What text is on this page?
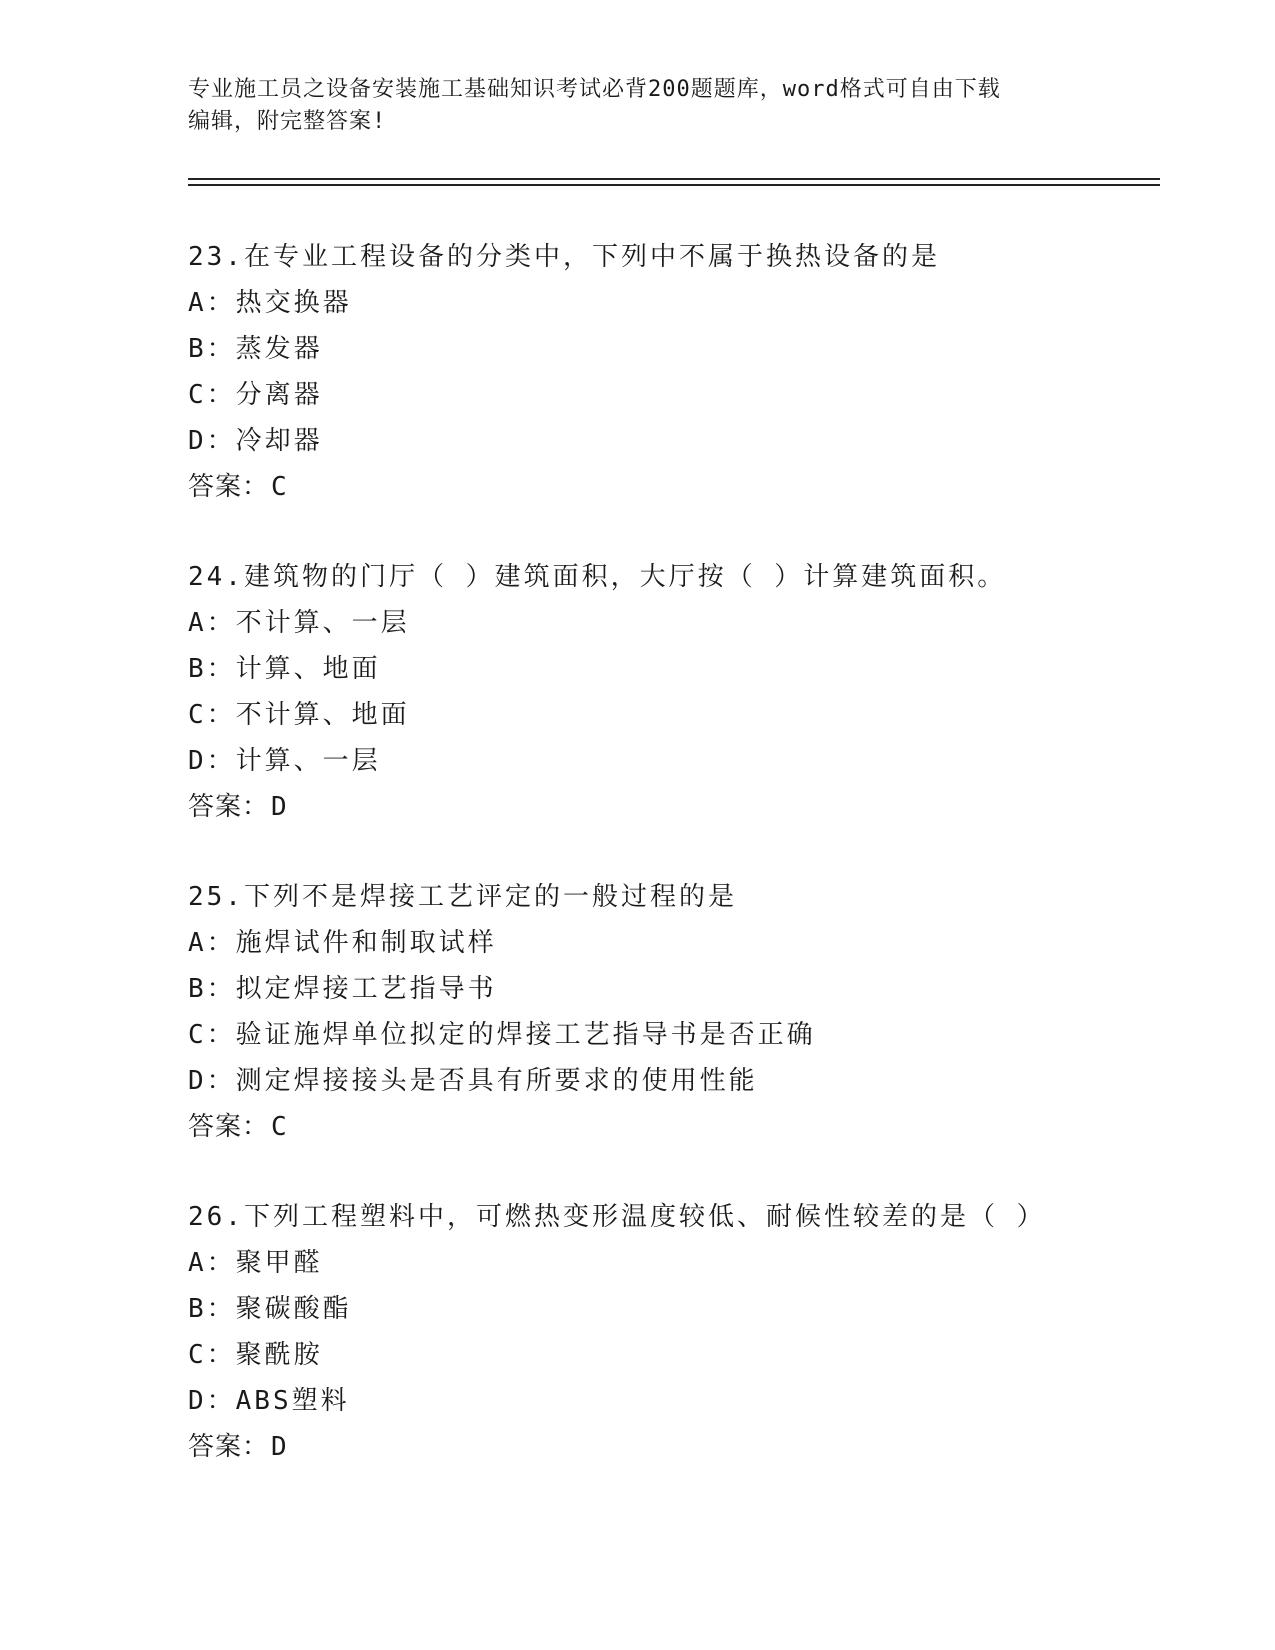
专业施工员之设备安装施工基础知识考试必背200题题库，word格式可自由下载
编辑，附完整答案!
23.在专业工程设备的分类中，下列中不属于换热设备的是
A：热交换器
B：蒸发器
C：分离器
D：冷却器
答案：C
24.建筑物的门厅（ ）建筑面积，大厅按（ ）计算建筑面积。
A：不计算、一层
B：计算、地面
C：不计算、地面
D：计算、一层
答案：D
25.下列不是焊接工艺评定的一般过程的是
A：施焊试件和制取试样
B：拟定焊接工艺指导书
C：验证施焊单位拟定的焊接工艺指导书是否正确
D：测定焊接接头是否具有所要求的使用性能
答案：C
26.下列工程塑料中，可燃热变形温度较低、耐候性较差的是（ ）
A：聚甲醛
B：聚碳酸酯
C：聚酰胺
D：ABS塑料
答案：D
